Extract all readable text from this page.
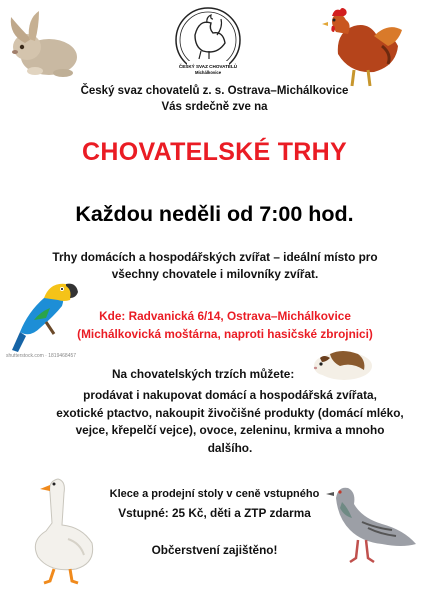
ČESKÝ SVAZ CHOVATELŮ
Michálkovice
Český svaz chovatelů z. s. Ostrava–Michálkovice
Vás srdečně zve na
CHOVATELSKÉ TRHY
Každou neděli od 7:00 hod.
Trhy domácích a hospodářských zvířat – ideální místo pro
všechny chovatele i milovníky zvířat.
shutterstock.com · 1819468457
Kde: Radvanická 6/14, Ostrava–Michálkovice
(Michálkovická moštárna, naproti hasičské zbrojnici)
Na chovatelských trzích můžete:
prodávat i nakupovat domácí a hospodářská zvířata,
exotické ptactvo, nakoupit živočišné produkty (domácí mléko,
vejce, křepelčí vejce), ovoce, zeleninu, krmiva a mnoho
dalšího.
Klece a prodejní stoly v ceně vstupného
Vstupné: 25 Kč, děti a ZTP zdarma
Občerstvení zajištěno!
